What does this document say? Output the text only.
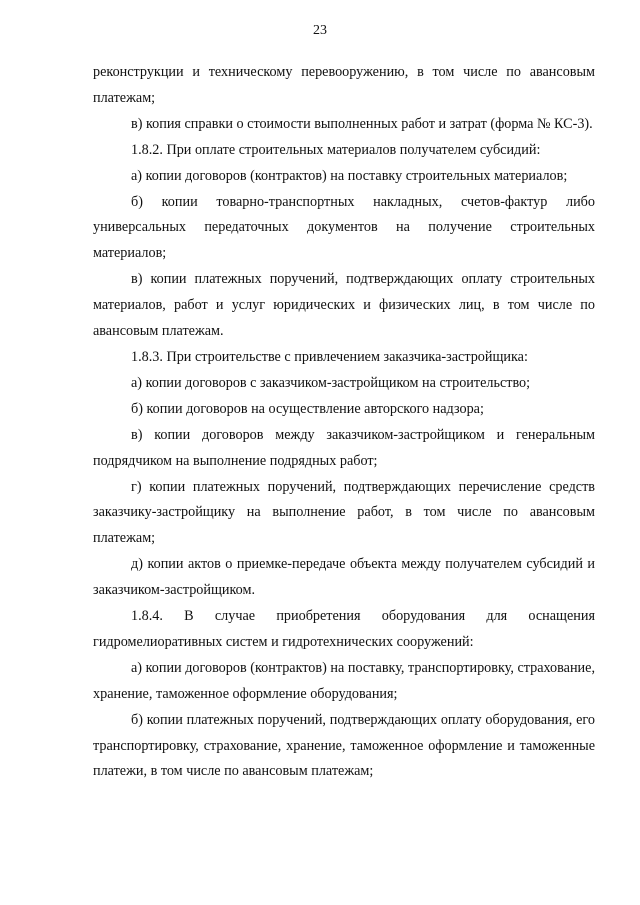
23

реконструкции и техническому перевооружению, в том числе по авансовым платежам;

в) копия справки о стоимости выполненных работ и затрат (форма № КС-3).

1.8.2. При оплате строительных материалов получателем субсидий:

а) копии договоров (контрактов) на поставку строительных материалов;

б) копии товарно-транспортных накладных, счетов-фактур либо универсальных передаточных документов на получение строительных материалов;

в) копии платежных поручений, подтверждающих оплату строительных материалов, работ и услуг юридических и физических лиц, в том числе по авансовым платежам.

1.8.3. При строительстве с привлечением заказчика-застройщика:

а) копии договоров с заказчиком-застройщиком на строительство;

б) копии договоров на осуществление авторского надзора;

в) копии договоров между заказчиком-застройщиком и генеральным подрядчиком на выполнение подрядных работ;

г) копии платежных поручений, подтверждающих перечисление средств заказчику-застройщику на выполнение работ, в том числе по авансовым платежам;

д) копии актов о приемке-передаче объекта между получателем субсидий и заказчиком-застройщиком.

1.8.4. В случае приобретения оборудования для оснащения гидромелиоративных систем и гидротехнических сооружений:

а) копии договоров (контрактов) на поставку, транспортировку, страхование, хранение, таможенное оформление оборудования;

б) копии платежных поручений, подтверждающих оплату оборудования, его транспортировку, страхование, хранение, таможенное оформление и таможенные платежи, в том числе по авансовым платежам;
